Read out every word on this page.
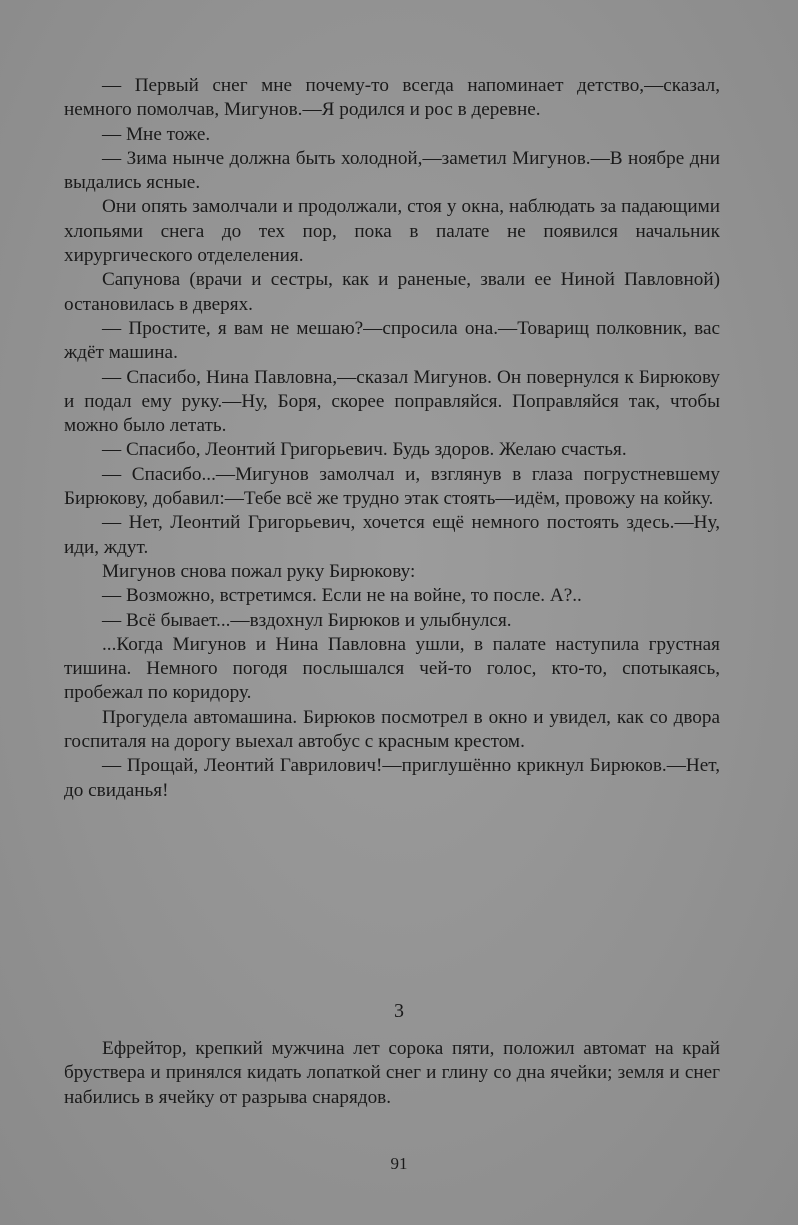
— Первый снег мне почему-то всегда напоминает детство,—сказал, немного помолчав, Мигунов.—Я родился и рос в деревне.

— Мне тоже.

— Зима нынче должна быть холодной,—заметил Мигунов.—В ноябре дни выдались ясные.

Они опять замолчали и продолжали, стоя у окна, наблюдать за падающими хлопьями снега до тех пор, пока в палате не появился начальник хирургического отделеления.

Сапунова (врачи и сестры, как и раненые, звали ее Ниной Павловной) остановилась в дверях.

— Простите, я вам не мешаю?—спросила она.—Товарищ полковник, вас ждёт машина.

— Спасибо, Нина Павловна,—сказал Мигунов. Он повернулся к Бирюкову и подал ему руку.—Ну, Боря, скорее поправляйся. Поправляйся так, чтобы можно было летать.

— Спасибо, Леонтий Григорьевич. Будь здоров. Желаю счастья.

— Спасибо...—Мигунов замолчал и, взглянув в глаза погрустневшему Бирюкову, добавил:—Тебе всё же трудно этак стоять—идём, провожу на койку.

— Нет, Леонтий Григорьевич, хочется ещё немного постоять здесь.—Ну, иди, ждут.

Мигунов снова пожал руку Бирюкову:

— Возможно, встретимся. Если не на войне, то после. А?..

— Всё бывает...—вздохнул Бирюков и улыбнулся.

...Когда Мигунов и Нина Павловна ушли, в палате наступила грустная тишина. Немного погодя послышался чей-то голос, кто-то, спотыкаясь, пробежал по коридору.

Прогудела автомашина. Бирюков посмотрел в окно и увидел, как со двора госпиталя на дорогу выехал автобус с красным крестом.

— Прощай, Леонтий Гаврилович!—приглушённо крикнул Бирюков.—Нет, до свиданья!

3

Ефрейтор, крепкий мужчина лет сорока пяти, положил автомат на край бруствера и принялся кидать лопаткой снег и глину со дна ячейки; земля и снег набились в ячейку от разрыва снарядов.

91
